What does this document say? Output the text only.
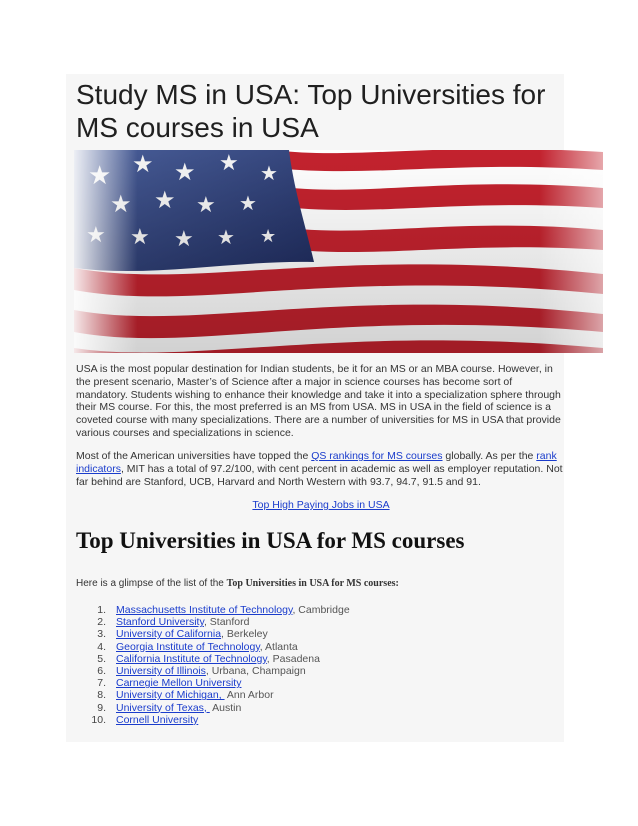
Study MS in USA: Top Universities for MS courses in USA

USA is the most popular destination for Indian students, be it for an MS or an MBA course. However, in the present scenario, Master’s of Science after a major in science courses has become sort of mandatory. Students wishing to enhance their knowledge and take it into a specialization sphere through their MS course. For this, the most preferred is an MS from USA. MS in USA in the field of science is a coveted course with many specializations. There are a number of universities for MS in USA that provide various courses and specializations in science.

Most of the American universities have topped the QS rankings for MS courses globally. As per the rank indicators, MIT has a total of 97.2/100, with cent percent in academic as well as employer reputation. Not far behind are Stanford, UCB, Harvard and North Western with 93.7, 94.7, 91.5 and 91.

Top High Paying Jobs in USA
Top Universities in USA for MS courses

Here is a glimpse of the list of the Top Universities in USA for MS courses:

1. Massachusetts Institute of Technology, Cambridge
2. Stanford University, Stanford
3. University of California, Berkeley
4. Georgia Institute of Technology, Atlanta
5. California Institute of Technology, Pasadena
6. University of Illinois, Urbana, Champaign
7. Carnegie Mellon University
8. University of Michigan,  Ann Arbor
9. University of Texas,  Austin
10. Cornell University
